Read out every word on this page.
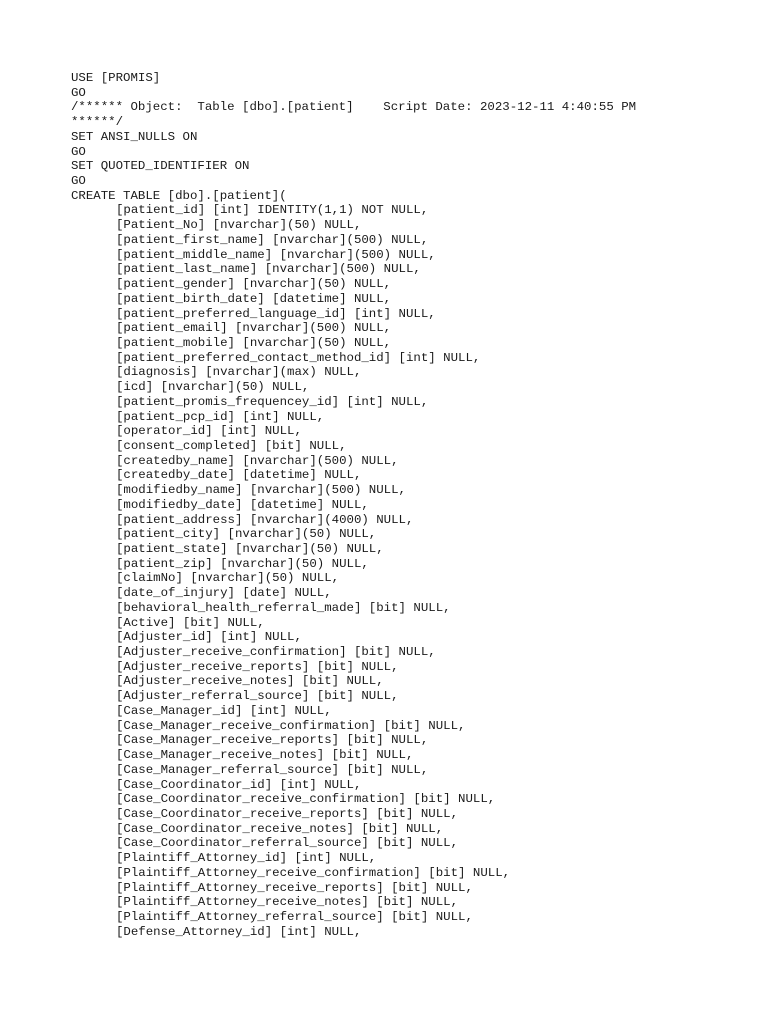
USE [PROMIS]
GO
/****** Object:  Table [dbo].[patient]    Script Date: 2023-12-11 4:40:55 PM
******/
SET ANSI_NULLS ON
GO
SET QUOTED_IDENTIFIER ON
GO
CREATE TABLE [dbo].[patient](
[patient_id] [int] IDENTITY(1,1) NOT NULL,
[Patient_No] [nvarchar](50) NULL,
[patient_first_name] [nvarchar](500) NULL,
[patient_middle_name] [nvarchar](500) NULL,
[patient_last_name] [nvarchar](500) NULL,
[patient_gender] [nvarchar](50) NULL,
[patient_birth_date] [datetime] NULL,
[patient_preferred_language_id] [int] NULL,
[patient_email] [nvarchar](500) NULL,
[patient_mobile] [nvarchar](50) NULL,
[patient_preferred_contact_method_id] [int] NULL,
[diagnosis] [nvarchar](max) NULL,
[icd] [nvarchar](50) NULL,
[patient_promis_frequencey_id] [int] NULL,
[patient_pcp_id] [int] NULL,
[operator_id] [int] NULL,
[consent_completed] [bit] NULL,
[createdby_name] [nvarchar](500) NULL,
[createdby_date] [datetime] NULL,
[modifiedby_name] [nvarchar](500) NULL,
[modifiedby_date] [datetime] NULL,
[patient_address] [nvarchar](4000) NULL,
[patient_city] [nvarchar](50) NULL,
[patient_state] [nvarchar](50) NULL,
[patient_zip] [nvarchar](50) NULL,
[claimNo] [nvarchar](50) NULL,
[date_of_injury] [date] NULL,
[behavioral_health_referral_made] [bit] NULL,
[Active] [bit] NULL,
[Adjuster_id] [int] NULL,
[Adjuster_receive_confirmation] [bit] NULL,
[Adjuster_receive_reports] [bit] NULL,
[Adjuster_receive_notes] [bit] NULL,
[Adjuster_referral_source] [bit] NULL,
[Case_Manager_id] [int] NULL,
[Case_Manager_receive_confirmation] [bit] NULL,
[Case_Manager_receive_reports] [bit] NULL,
[Case_Manager_receive_notes] [bit] NULL,
[Case_Manager_referral_source] [bit] NULL,
[Case_Coordinator_id] [int] NULL,
[Case_Coordinator_receive_confirmation] [bit] NULL,
[Case_Coordinator_receive_reports] [bit] NULL,
[Case_Coordinator_receive_notes] [bit] NULL,
[Case_Coordinator_referral_source] [bit] NULL,
[Plaintiff_Attorney_id] [int] NULL,
[Plaintiff_Attorney_receive_confirmation] [bit] NULL,
[Plaintiff_Attorney_receive_reports] [bit] NULL,
[Plaintiff_Attorney_receive_notes] [bit] NULL,
[Plaintiff_Attorney_referral_source] [bit] NULL,
[Defense_Attorney_id] [int] NULL,
